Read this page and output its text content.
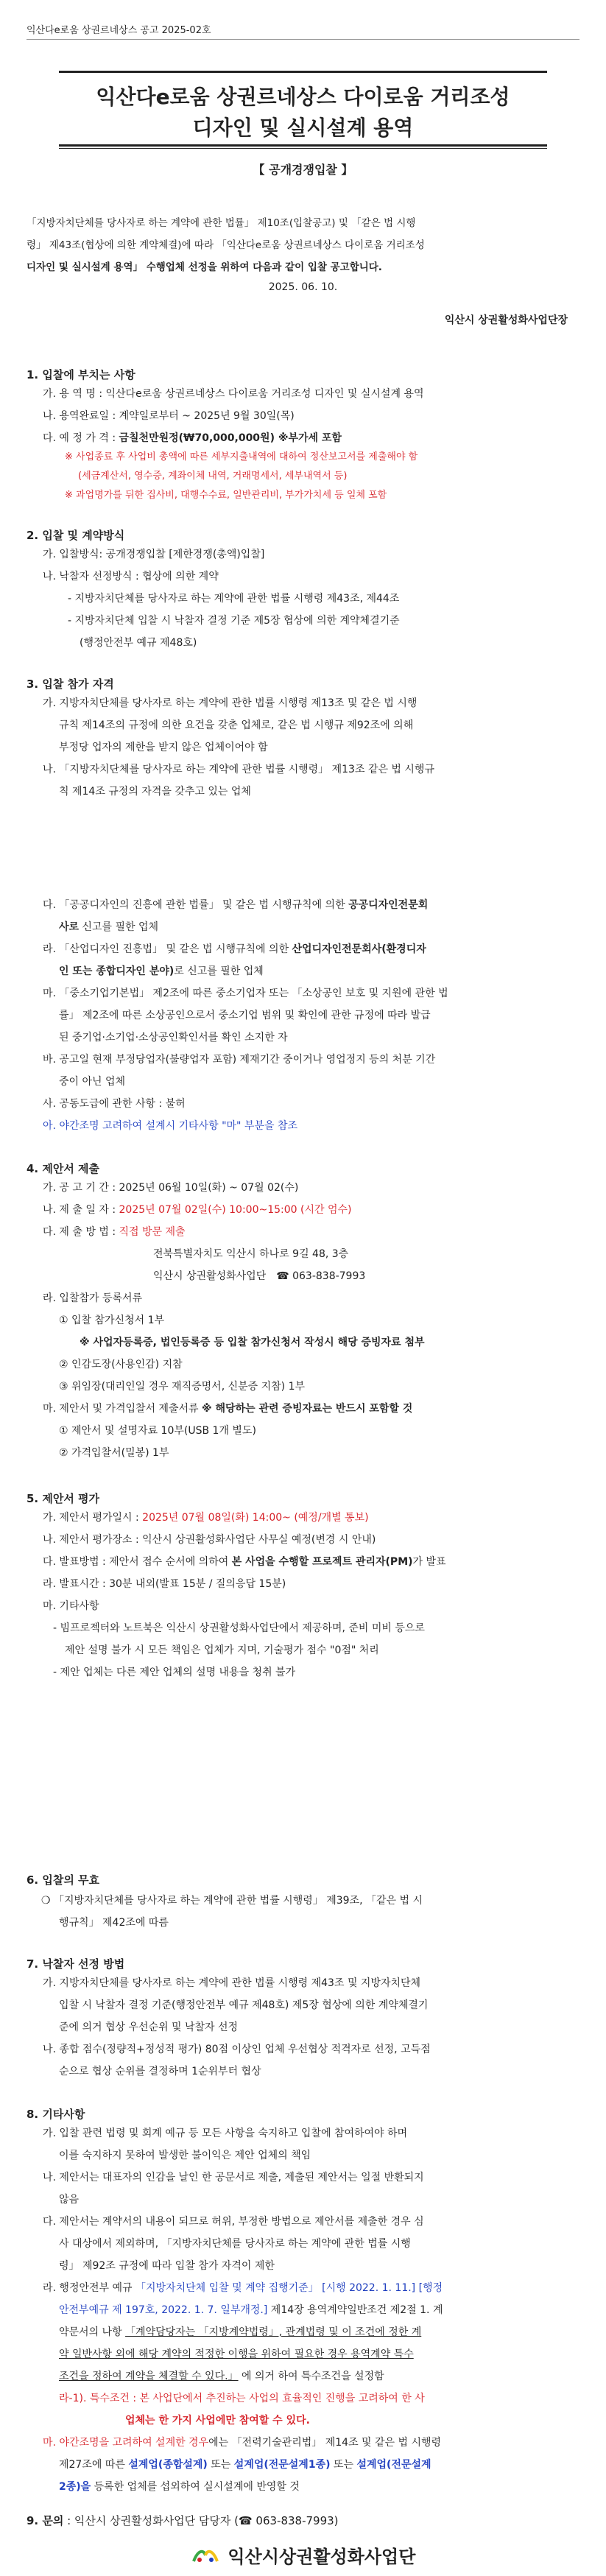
익산다e로움 상권르네상스 공고 2025-02호
익산다e로움 상권르네상스 다이로움 거리조성
디자인 및 실시설계 용역
【 공개경쟁입찰 】
「지방자치단체를 당사자로 하는 계약에 관한 법률」 제10조(입찰공고) 및 「같은 법 시행
령」 제43조(협상에 의한 계약체결)에 따라 「익산다e로움 상권르네상스 다이로움 거리조성
디자인 및 실시설계 용역」 수행업체 선정을 위하여 다음과 같이 입찰 공고합니다.
2025. 06. 10.
익산시 상권활성화사업단장
1. 입찰에 부치는 사항
가. 용 역 명 : 익산다e로움 상권르네상스 다이로움 거리조성 디자인 및 실시설계 용역
나. 용역완료일 : 계약일로부터 ~ 2025년 9월 30일(목)
다. 예 정 가 격 : 금칠천만원정(₩70,000,000원) ※부가세 포함
※ 사업종료 후 사업비 총액에 따른 세부지출내역에 대하여 정산보고서를 제출해야 함
(세금계산서, 영수증, 계좌이체 내역, 거래명세서, 세부내역서 등)
※ 과업명가를 뒤한 집사비, 대행수수료, 일반관리비, 부가가치세 등 일체 포함
2. 입찰 및 계약방식
가. 입찰방식: 공개경쟁입찰 [제한경쟁(총액)입찰]
나. 낙찰자 선정방식 : 협상에 의한 계약
- 지방자치단체를 당사자로 하는 계약에 관한 법률 시행령 제43조, 제44조
- 지방자치단체 입찰 시 낙찰자 결정 기준 제5장 협상에 의한 계약체결기준
(행정안전부 예규 제48호)
3. 입찰 참가 자격
가. 지방자치단체를 당사자로 하는 계약에 관한 법률 시행령 제13조 및 같은 법 시행
규칙 제14조의 규정에 의한 요건을 갖춘 업체로, 같은 법 시행규 제92조에 의해
부정당 업자의 제한을 받지 않은 업체이어야 함
나. 「지방자치단체를 당사자로 하는 계약에 관한 법률 시행령」 제13조 같은 법 시행규
칙 제14조 규정의 자격을 갖추고 있는 업체
다. 「공공디자인의 진흥에 관한 법률」 및 같은 법 시행규칙에 의한 공공디자인전문회
사로 신고를 필한 업체
라. 「산업디자인 진흥법」 및 같은 법 시행규칙에 의한 산업디자인전문회사(환경디자
인 또는 종합디자인 분야)로 신고를 필한 업체
마. 「중소기업기본법」 제2조에 따른 중소기업자 또는 「소상공인 보호 및 지원에 관한 법
률」 제2조에 따른 소상공인으로서 중소기업 범위 및 확인에 관한 규정에 따라 발급
된 중기업·소기업·소상공인확인서를 확인 소지한 자
바. 공고일 현재 부정당업자(불량업자 포함) 제재기간 중이거나 영업정지 등의 처분 기간
중이 아닌 업체
사. 공동도급에 관한 사항 : 불허
아. 야간조명 고려하여 설계시 기타사항 "마" 부분을 참조
4. 제안서 제출
가. 공 고 기 간 : 2025년 06월 10일(화) ~ 07월 02(수)
나. 제 출 일 자 : 2025년 07월 02일(수) 10:00~15:00 (시간 엄수)
다. 제 출 방 법 : 직접 방문 제출
전북특별자치도 익산시 하나로 9길 48, 3층
익산시 상권활성화사업단 ☎ 063-838-7993
라. 입찰참가 등록서류
① 입찰 참가신청서 1부
※ 사업자등록증, 법인등록증 등 입찰 참가신청서 작성시 해당 증빙자료 첨부
② 인감도장(사용인감) 지참
③ 위임장(대리인일 경우 재직증명서, 신분증 지참) 1부
마. 제안서 및 가격입찰서 제출서류 ※ 해당하는 관련 증빙자료는 반드시 포함할 것
① 제안서 및 설명자료 10부(USB 1개 별도)
② 가격입찰서(밀봉) 1부
5. 제안서 평가
가. 제안서 평가일시 : 2025년 07월 08일(화) 14:00~ (예정/개별 통보)
나. 제안서 평가장소 : 익산시 상권활성화사업단 사무실 예정(변경 시 안내)
다. 발표방법 : 제안서 접수 순서에 의하여 본 사업을 수행할 프로젝트 관리자(PM)가 발표
라. 발표시간 : 30분 내외(발표 15분 / 질의응답 15분)
마. 기타사항
- 빔프로젝터와 노트북은 익산시 상권활성화사업단에서 제공하며, 준비 미비 등으로
제안 설명 불가 시 모든 책임은 업체가 지며, 기술평가 점수 "0점" 처리
- 제안 업체는 다른 제안 업체의 설명 내용을 청취 불가
6. 입찰의 무효
❍ 「지방자치단체를 당사자로 하는 계약에 관한 법률 시행령」 제39조, 「같은 법 시
행규칙」 제42조에 따름
7. 낙찰자 선정 방법
가. 지방자치단체를 당사자로 하는 계약에 관한 법률 시행령 제43조 및 지방자치단체
입찰 시 낙찰자 결정 기준(행정안전부 예규 제48호) 제5장 협상에 의한 계약체결기
준에 의거 협상 우선순위 및 낙찰자 선정
나. 종합 점수(정량적+정성적 평가) 80점 이상인 업체 우선협상 적격자로 선정, 고득점
순으로 협상 순위를 결정하며 1순위부터 협상
8. 기타사항
가. 입찰 관련 법령 및 회계 예규 등 모든 사항을 숙지하고 입찰에 참여하여야 하며
이를 숙지하지 못하여 발생한 불이익은 제안 업체의 책임
나. 제안서는 대표자의 인감을 날인 한 공문서로 제출, 제출된 제안서는 일절 반환되지
않음
다. 제안서는 계약서의 내용이 되므로 허위, 부정한 방법으로 제안서를 제출한 경우 심
사 대상에서 제외하며, 「지방자치단체를 당사자로 하는 계약에 관한 법률 시행
령」 제92조 규정에 따라 입찰 참가 자격이 제한
라. 행정안전부 예규 「지방자치단체 입찰 및 계약 집행기준」 [시행 2022. 1. 11.] [행정
안전부예규 제 197호, 2022. 1. 7. 일부개정.] 제14장 용역계약일반조건 제2절 1. 계
약문서의 나항 「계약담당자는 「지방계약법령」, 관계법령 및 이 조건에 정한 계
약 일반사항 외에 해당 계약의 적정한 이행을 위하여 필요한 경우 용역계약 특수
조건을 정하여 계약을 체결할 수 있다.」 에 의거 하여 특수조건을 설정함
라-1). 특수조건 : 본 사업단에서 추진하는 사업의 효율적인 진행을 고려하여 한 사
업체는 한 가지 사업에만 참여할 수 있다.
마. 야간조명을 고려하여 설계한 경우에는 「전력기술관리법」 제14조 및 같은 법 시행령
제27조에 따른 설계업(종합설계) 또는 설계업(전문설계1종) 또는 설계업(전문설계
2종)을 등록한 업체를 섭외하여 실시설계에 반영할 것
9. 문의 : 익산시 상권활성화사업단 담당자 (☎ 063-838-7993)
익산시상권활성화사업단
